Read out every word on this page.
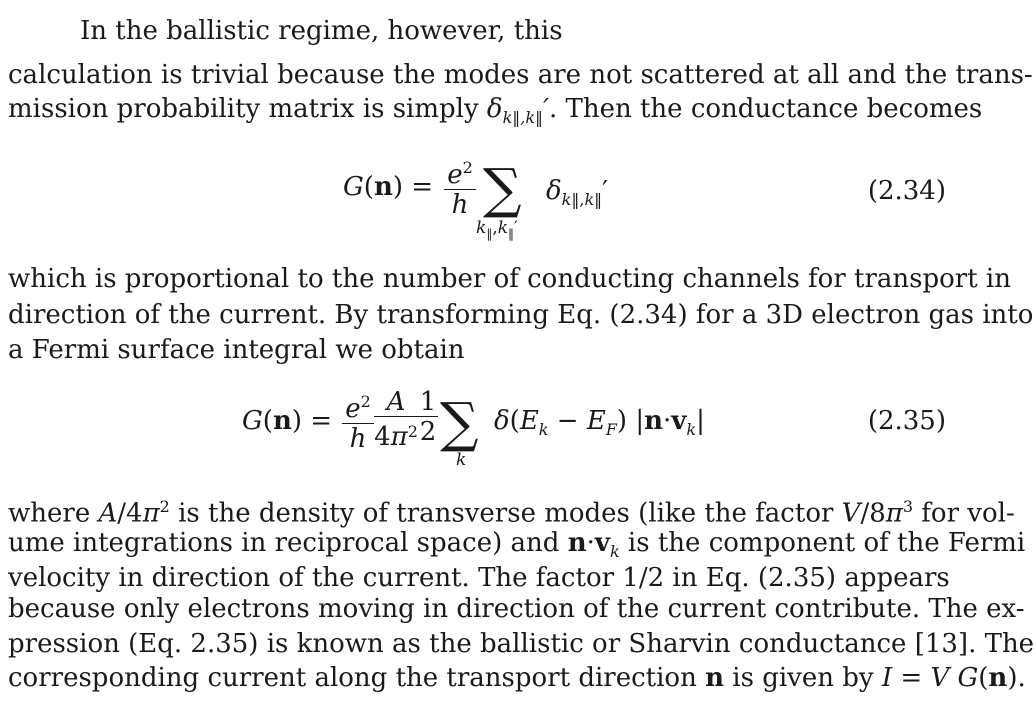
In the ballistic regime, however, this
calculation is trivial because the modes are not scattered at all and the trans-
mission probability matrix is simply $\delta_{k‖,k‖}'$. Then the conductance becomes
$G(n) = \frac{e^2}{h}$ ∑
$k_‖,k_‖'$
$\delta_{k‖,k‖}'$	(2.34)
which is proportional to the number of conducting channels for transport in
direction of the current. By transforming Eq. (2.34) for a 3D electron gas into
a Fermi surface integral we obtain
$G(n) = \frac{e^2}{h} \frac{A}{4\pi^2} \frac{1}{2}$ ∑
k
$\delta(E_k - E_F)$ $|n\cdot v_k|$	(2.35)
where $A/4\pi^2$ is the density of transverse modes (like the factor $V/8\pi^3$ for vol-
ume integrations in reciprocal space) and $n\cdot v_k$ is the component of the Fermi
velocity in direction of the current. The factor 1/2 in Eq. (2.35) appears
because only electrons moving in direction of the current contribute. The ex-
pression (Eq. 2.35) is known as the ballistic or Sharvin conductance [13]. The
corresponding current along the transport direction n is given by I = V G(n).
